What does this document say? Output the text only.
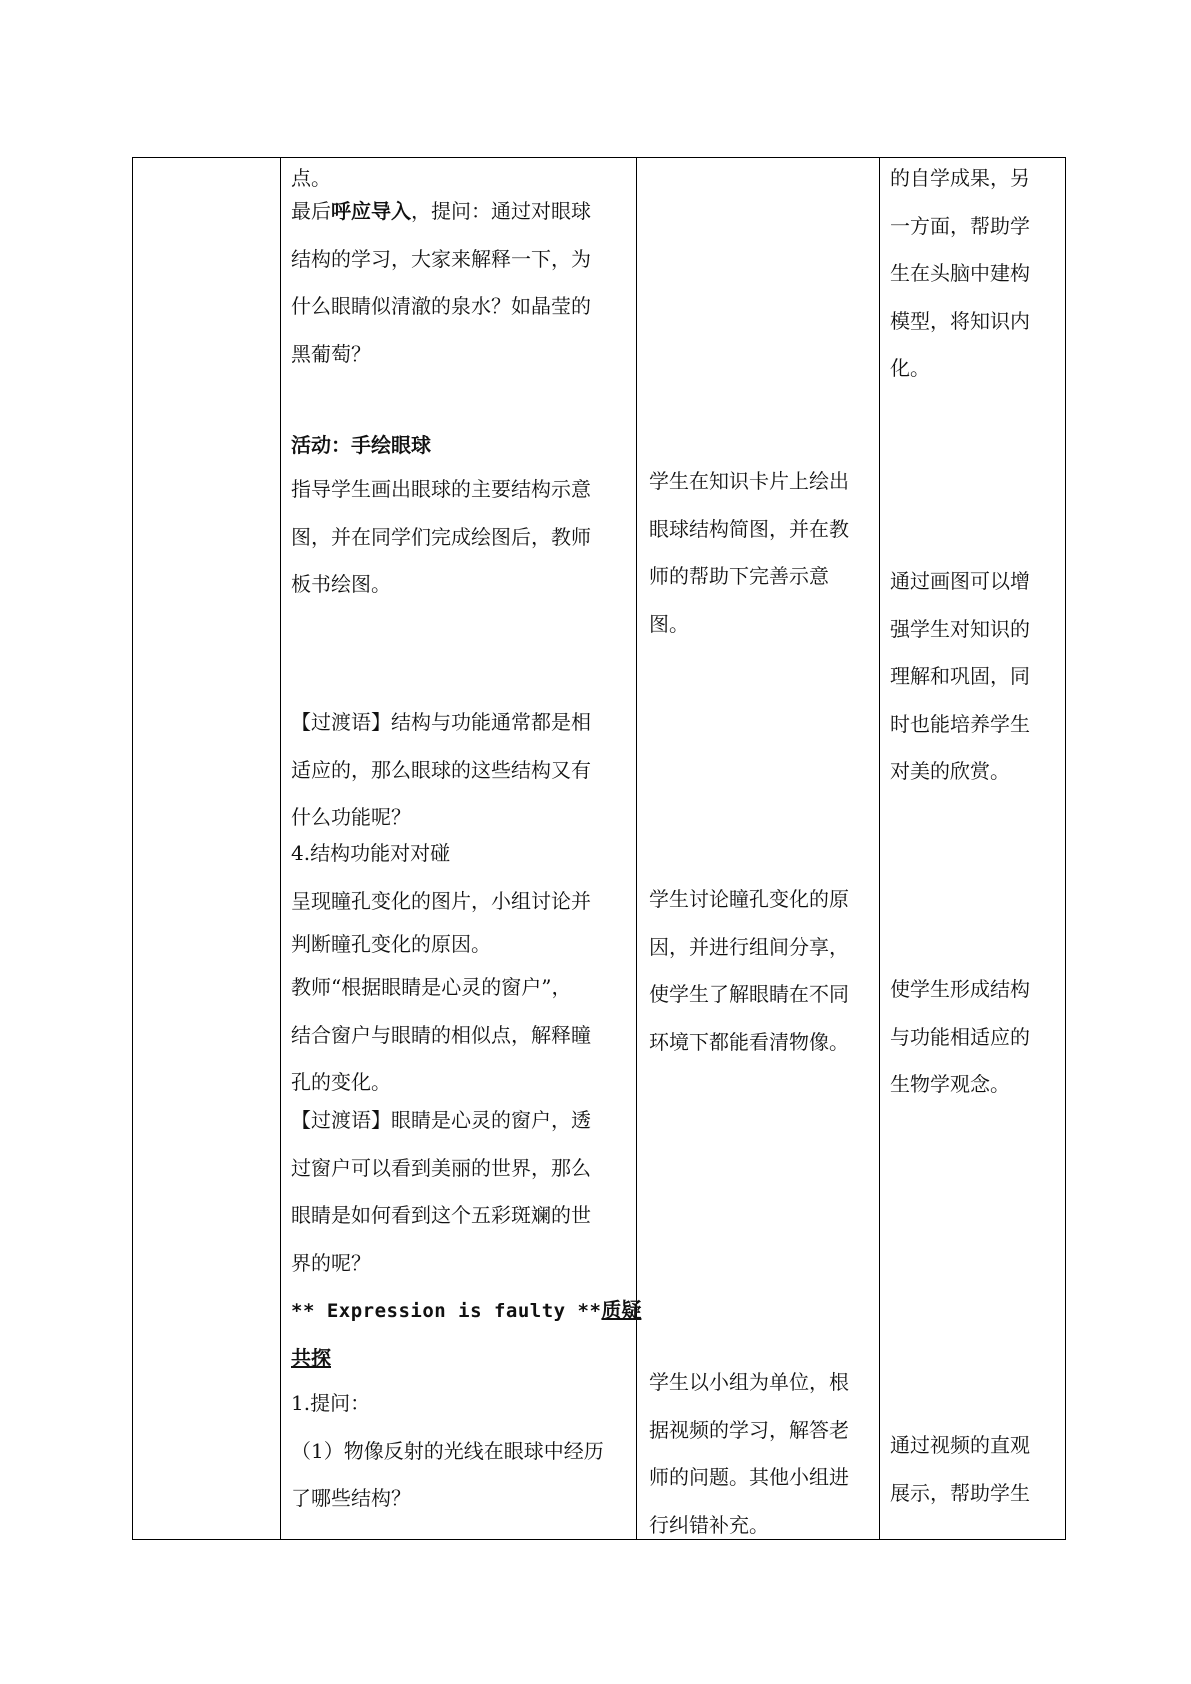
点。

最后呼应导入，提问：通过对眼球
结构的学习，大家来解释一下，为
什么眼睛似清澈的泉水？如晶莹的
黑葡萄？

活动：手绘眼球

指导学生画出眼球的主要结构示意
图，并在同学们完成绘图后，教师
板书绘图。

【过渡语】结构与功能通常都是相
适应的，那么眼球的这些结构又有
什么功能呢？

4.结构功能对对碰

呈现瞳孔变化的图片，小组讨论并
判断瞳孔变化的原因。

教师“根据眼睛是心灵的窗户”，
结合窗户与眼睛的相似点，解释瞳
孔的变化。

【过渡语】眼睛是心灵的窗户，透
过窗户可以看到美丽的世界，那么
眼睛是如何看到这个五彩斑斓的世
界的呢？

** Expression is faulty **质疑
共探

1.提问：
（1）物像反射的光线在眼球中经历
了哪些结构？

学生在知识卡片上绘出
眼球结构简图，并在教
师的帮助下完善示意
图。

学生讨论瞳孔变化的原
因，并进行组间分享，
使学生了解眼睛在不同
环境下都能看清物像。

学生以小组为单位，根
据视频的学习，解答老
师的问题。其他小组进
行纠错补充。

的自学成果，另
一方面，帮助学
生在头脑中建构
模型，将知识内
化。

通过画图可以增
强学生对知识的
理解和巩固，同
时也能培养学生
对美的欣赏。

使学生形成结构
与功能相适应的
生物学观念。

通过视频的直观
展示，帮助学生
